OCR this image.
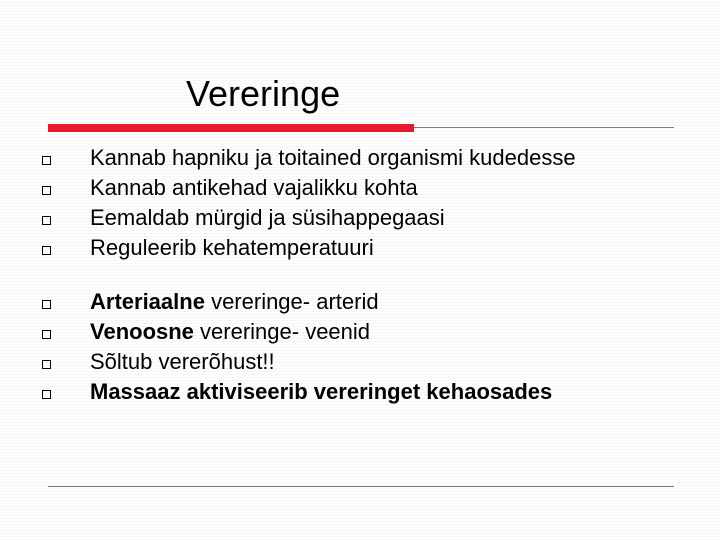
Vereringe
Kannab hapniku ja toitained organismi kudedesse
Kannab antikehad vajalikku kohta
Eemaldab mürgid ja süsihappegaasi
Reguleerib kehatemperatuuri
Arteriaalne vereringe- arterid
Venoosne vereringe- veenid
Sõltub vererõhust!!
Massaaz aktiviseerib vereringet kehaosades
